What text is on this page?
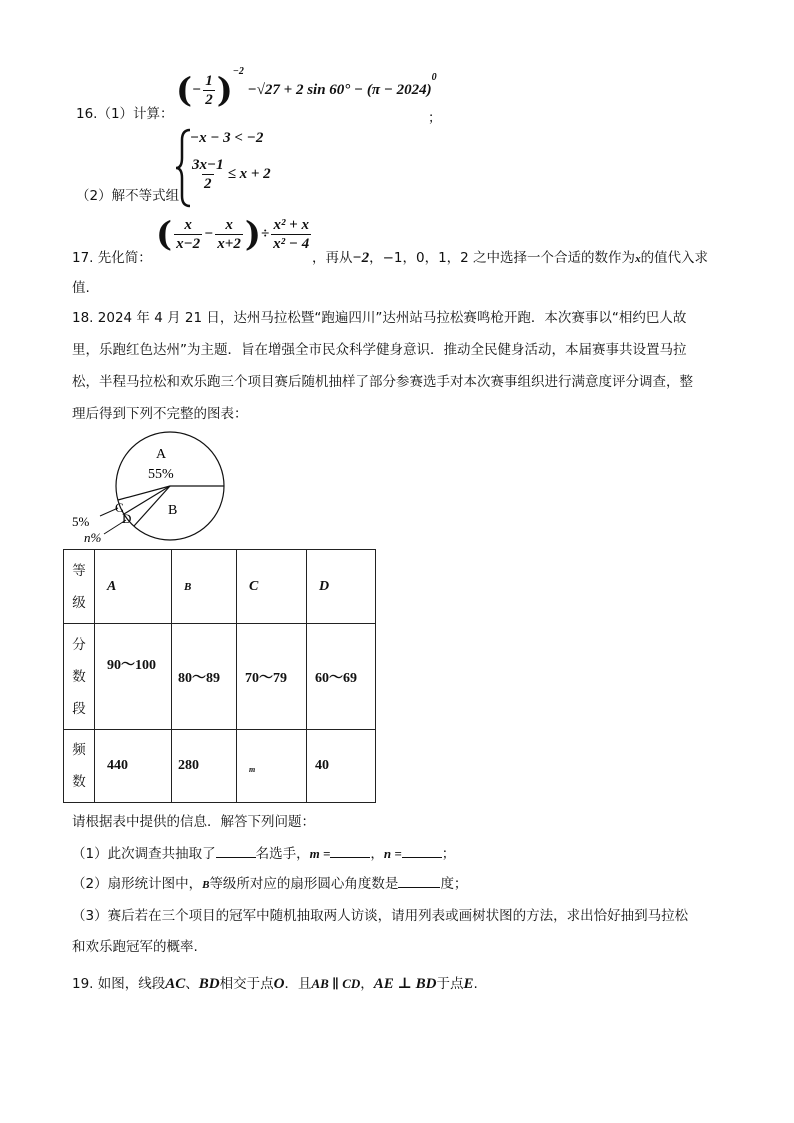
16.（1）计算：
(− $\frac{1}{2} )^{-2} -√27 + 2$ $\sin 60^\circ - (\pi - 2024)^0$
；
−x − 3 < −2
$\frac{3x-1}{2} \le x + 2$
（2）解不等式组
17. 先化简：
( $\frac{x}{x-2} - \frac{x}{x+2}$ )÷ $\frac{\text{x² + x}}{\text{x² − 4}}$
，再从−2，−1，0，1，2 之中选择一个合适的数作为x的值代入求
值.
18. 2024 年 4 月 21 日，达州马拉松暨“跑遍四川”达州站马拉松赛鸣枪开跑．本次赛事以“相约巴人故
里，乐跑红色达州”为主题．旨在增强全市民众科学健身意识．推动全民健身活动，本届赛事共设置马拉
松，半程马拉松和欢乐跑三个项目赛后随机抽样了部分参赛选手对本次赛事组织进行满意度评分调查，整
理后得到下列不完整的图表：
A
55%
B
C
D
5%
n%
等级	A	B	C	D

分数段	90～100	80～89	70～79	60～69

频数	440	280	m	40
请根据表中提供的信息．解答下列问题：
（1）此次调查共抽取了	名选手，m =	，n =	；
（2）扇形统计图中，B等级所对应的扇形圆心角度数是	度；
（3）赛后若在三个项目的冠军中随机抽取两人访谈，请用列表或画树状图的方法，求出恰好抽到马拉松
和欢乐跑冠军的概率.
19. 如图，线段AC、BD相交于点O．且AB ∥ CD，AE ⊥ BD于点E.
